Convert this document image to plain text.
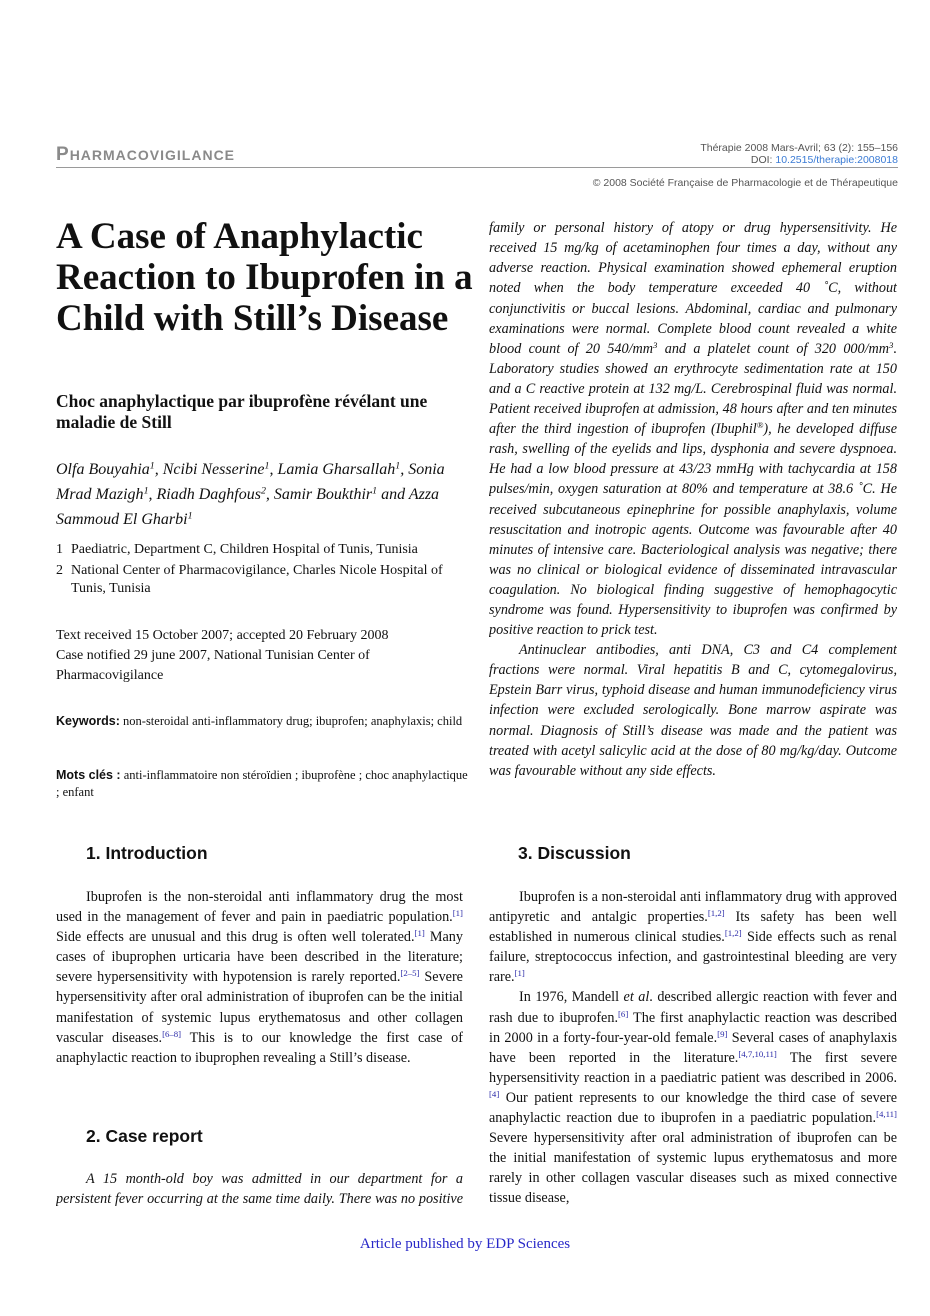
PHARMACOVIGILANCE	Thérapie 2008 Mars-Avril; 63 (2): 155–156
DOI: 10.2515/therapie:2008018
© 2008 Société Française de Pharmacologie et de Thérapeutique
A Case of Anaphylactic Reaction to Ibuprofen in a Child with Still’s Disease
Choc anaphylactique par ibuprofène révélant une maladie de Still
Olfa Bouyahia$^1$, Ncibi Nesserine$^1$, Lamia Gharsallah$^1$, Sonia Mrad Mazigh$^1$, Riadh Daghfous$^2$, Samir Boukthir$^1$ and Azza Sammoud El Gharbi$^1$
1 Paediatric, Department C, Children Hospital of Tunis, Tunisia
2 National Center of Pharmacovigilance, Charles Nicole Hospital of Tunis, Tunisia
Text received 15 October 2007; accepted 20 February 2008
Case notified 29 june 2007, National Tunisian Center of Pharmacovigilance
Keywords: non-steroidal anti-inflammatory drug; ibuprofen; anaphylaxis; child
Mots clés : anti-inflammatoire non stéroïdien ; ibuprofène ; choc anaphylactique ; enfant
1. Introduction

Ibuprofen is the non-steroidal anti inflammatory drug the most used in the management of fever and pain in paediatric population.[1] Side effects are unusual and this drug is often well tolerated.[1] Many cases of ibuprophen urticaria have been described in the literature; severe hypersensitivity with hypotension is rarely reported.[2–5] Severe hypersensitivity after oral administration of ibuprofen can be the initial manifestation of systemic lupus erythematosus and other collagen vascular diseases.[6–8] This is to our knowledge the first case of anaphylactic reaction to ibuprophen revealing a Still’s disease.

2. Case report

A 15 month-old boy was admitted in our department for a persistent fever occurring at the same time daily. There was no positive

family or personal history of atopy or drug hypersensitivity. He received 15 mg/kg of acetaminophen four times a day, without any adverse reaction. Physical examination showed ephemeral eruption noted when the body temperature exceeded 40 ˚C, without conjunctivitis or buccal lesions. Abdominal, cardiac and pulmonary examinations were normal. Complete blood count revealed a white blood count of 20 $540/mm^3$ and a platelet count of 320 $000/mm^3$. Laboratory studies showed an erythrocyte sedimentation rate at 150 and a C reactive protein at 132 mg/L. Cerebrospinal fluid was normal. Patient received ibuprofen at admission, 48 hours after and ten minutes after the third ingestion of ibuprofen (Ibuphil®), he developed diffuse rash, swelling of the eyelids and lips, dysphonia and severe dyspnoea. He had a low blood pressure at 43/23 mmHg with tachycardia at 158 pulses/min, oxygen saturation at 80% and temperature at 38.6 ˚C. He received subcutaneous epinephrine for possible anaphylaxis, volume resuscitation and inotropic agents. Outcome was favourable after 40 minutes of intensive care. Bacteriological analysis was negative; there was no clinical or biological evidence of disseminated intravascular coagulation. No biological finding suggestive of hemophagocytic syndrome was found. Hypersensitivity to ibuprofen was confirmed by positive reaction to prick test.

Antinuclear antibodies, anti DNA, C3 and C4 complement fractions were normal. Viral hepatitis B and C, cytomegalovirus, Epstein Barr virus, typhoid disease and human immunodeficiency virus infection were excluded serologically. Bone marrow aspirate was normal. Diagnosis of Still’s disease was made and the patient was treated with acetyl salicylic acid at the dose of 80 mg/kg/day. Outcome was favourable without any side effects.

3. Discussion

Ibuprofen is a non-steroidal anti inflammatory drug with approved antipyretic and antalgic properties.[1,2] Its safety has been well established in numerous clinical studies.[1,2] Side effects such as renal failure, streptococcus infection, and gastrointestinal bleeding are very rare.[1]

In 1976, Mandell et al. described allergic reaction with fever and rash due to ibuprofen.[6] The first anaphylactic reaction was described in 2000 in a forty-four-year-old female.[9] Several cases of anaphylaxis have been reported in the literature.[4,7,10,11] The first severe hypersensitivity reaction in a paediatric patient was described in 2006.[4] Our patient represents to our knowledge the third case of severe anaphylactic reaction due to ibuprofen in a paediatric population.[4,11] Severe hypersensitivity after oral administration of ibuprofen can be the initial manifestation of systemic lupus erythematosus and more rarely in other collagen vascular diseases such as mixed connective tissue disease,

Article published by EDP Sciences
